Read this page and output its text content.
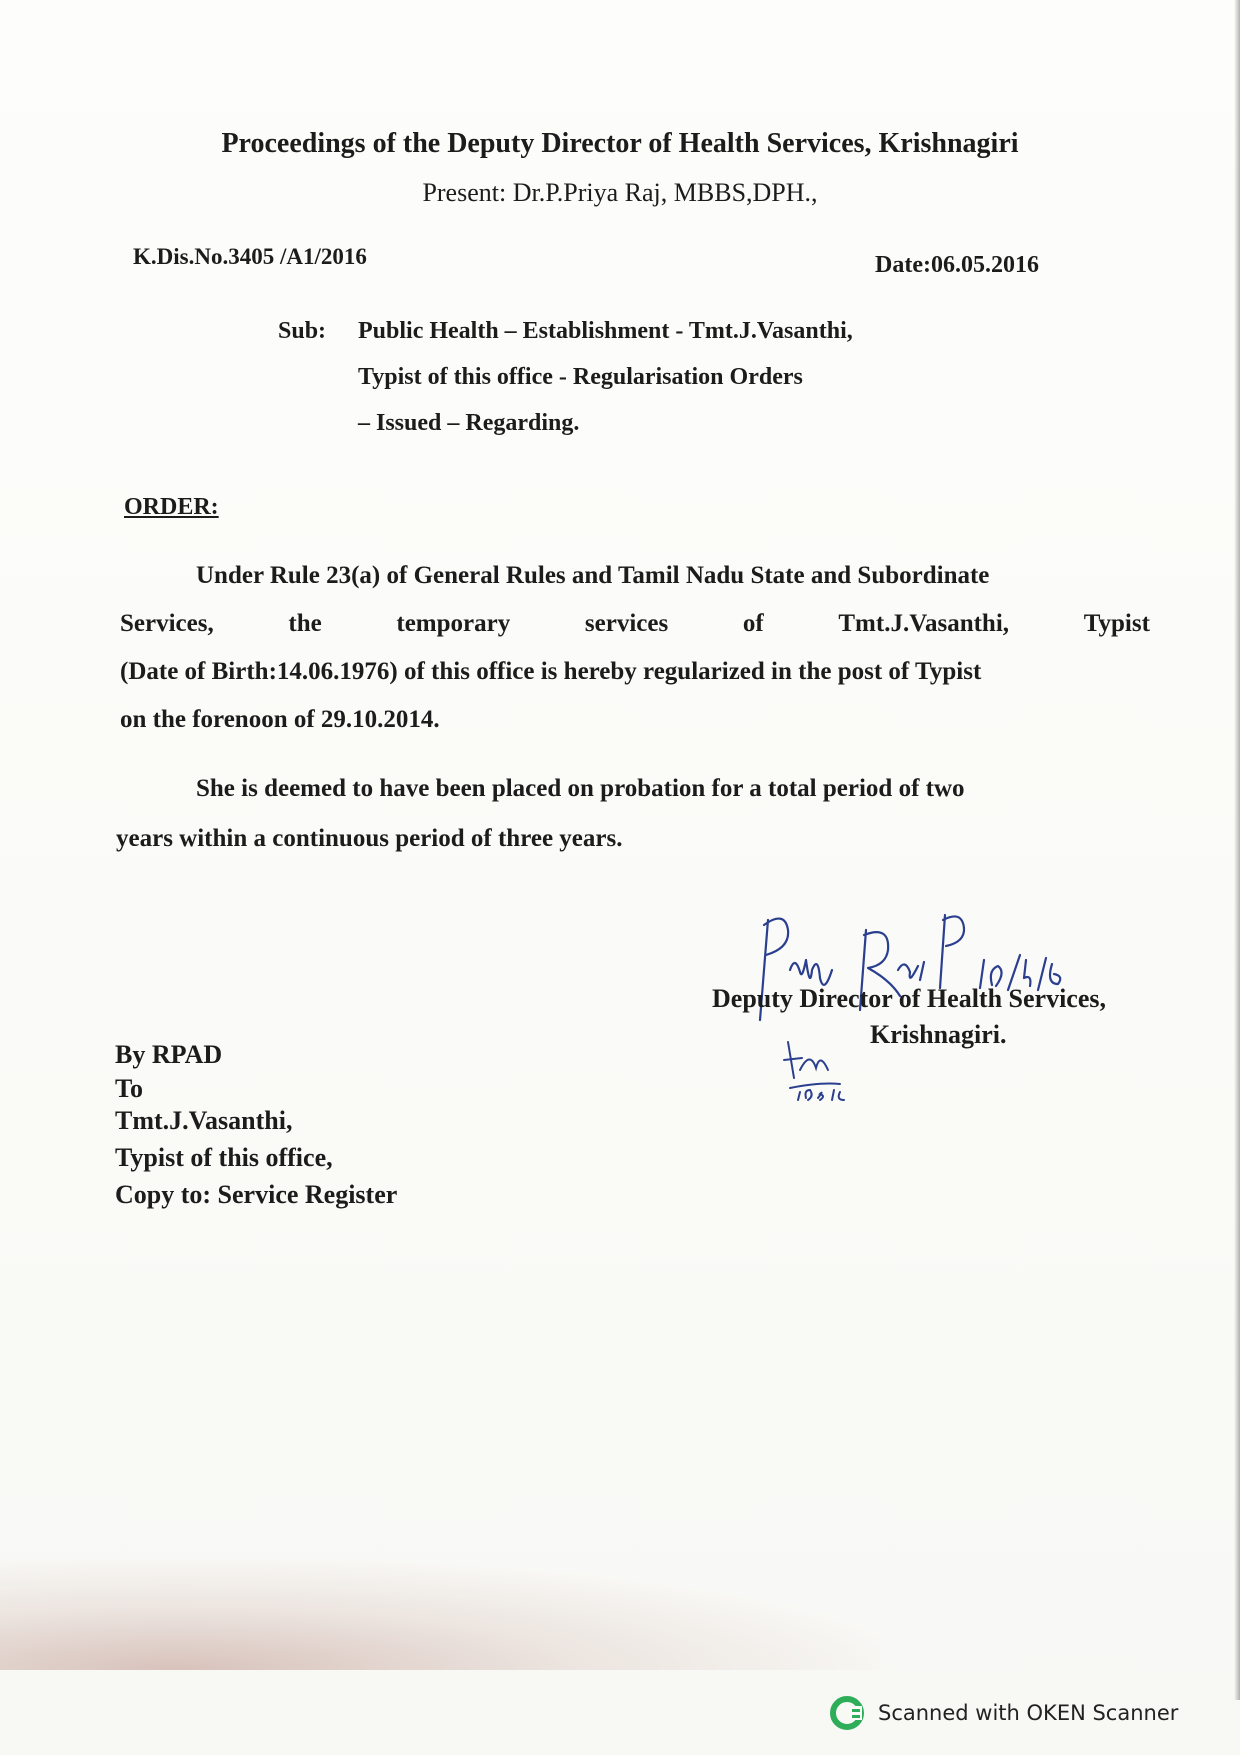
Proceedings of the Deputy Director of Health Services, Krishnagiri
Present: Dr.P.Priya Raj, MBBS,DPH.,
K.Dis.No.3405 /A1/2016	Date:06.05.2016
Sub: Public Health – Establishment - Tmt.J.Vasanthi,
Typist of this office - Regularisation Orders
– Issued – Regarding.
ORDER:
Under Rule 23(a) of General Rules and Tamil Nadu State and Subordinate
Services,	the	temporary	services	of	Tmt.J.Vasanthi,	Typist
(Date of Birth:14.06.1976) of this office is hereby regularized in the post of Typist
on the forenoon of 29.10.2014.
She is deemed to have been placed on probation for a total period of two
years within a continuous period of three years.
Deputy Director of Health Services,
Krishnagiri.
By RPAD
To
Tmt.J.Vasanthi,
Typist of this office,
Copy to: Service Register
Scanned with OKEN Scanner
